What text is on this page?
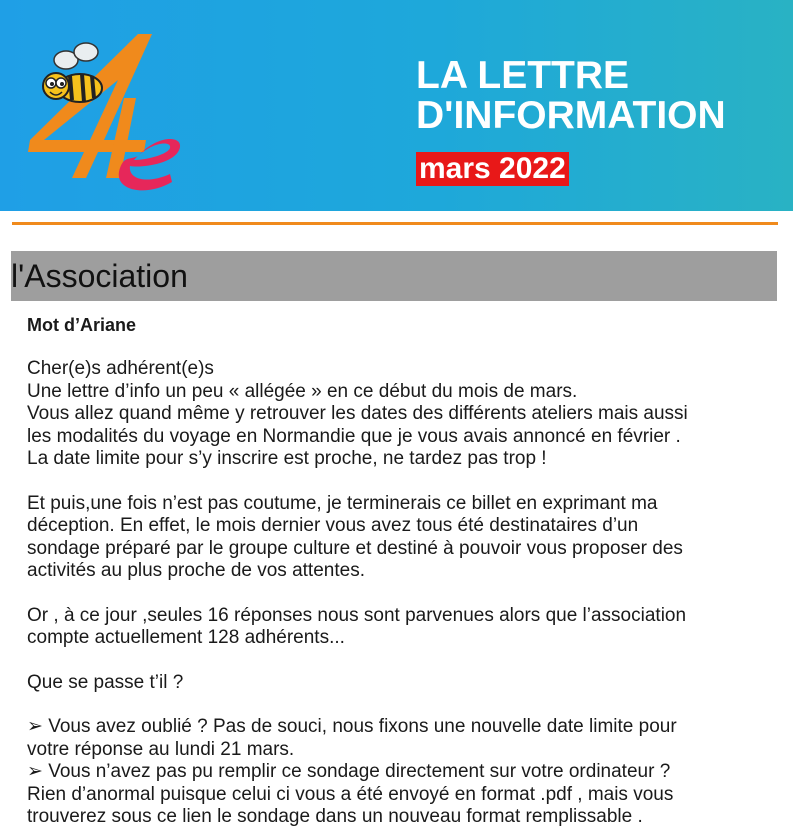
LA LETTRE
D'INFORMATION
mars 2022
l'Association
Mot d’Ariane
Cher(e)s adhérent(e)s
Une lettre d’info un peu « allégée » en ce début du mois de mars.
Vous allez quand même y retrouver les dates des différents ateliers mais aussi
les modalités du voyage en Normandie que je vous avais annoncé en février .
La date limite pour s’y inscrire est proche, ne tardez pas trop !
Et puis,une fois n’est pas coutume, je terminerais ce billet en exprimant ma
déception. En effet, le mois dernier vous avez tous été destinataires d’un
sondage préparé par le groupe culture et destiné à pouvoir vous proposer des
activités au plus proche de vos attentes.
Or , à ce jour ,seules 16 réponses nous sont parvenues alors que l’association
compte actuellement 128 adhérents...
Que se passe t’il ?
➢ Vous avez oublié ? Pas de souci, nous fixons une nouvelle date limite pour
votre réponse au lundi 21 mars.
➢ Vous n’avez pas pu remplir ce sondage directement sur votre ordinateur ?
Rien d’anormal puisque celui ci vous a été envoyé en format .pdf , mais vous
trouverez sous ce lien le sondage dans un nouveau format remplissable .
